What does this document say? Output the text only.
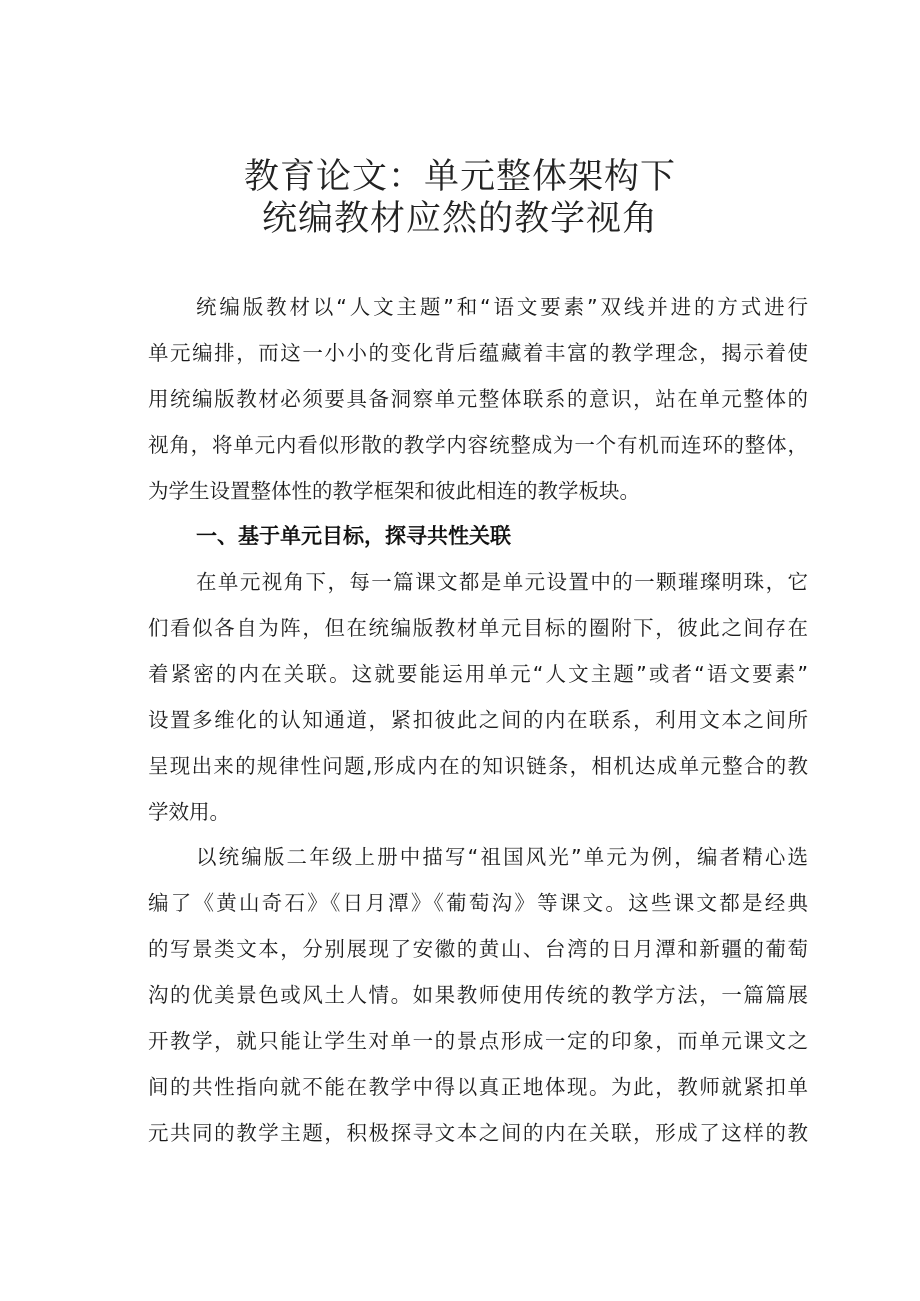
教育论文：单元整体架构下
统编教材应然的教学视角
统编版教材以“人文主题”和“语文要素”双线并进的方式进行
单元编排，而这一小小的变化背后蕴藏着丰富的教学理念，揭示着使
用统编版教材必须要具备洞察单元整体联系的意识，站在单元整体的
视角，将单元内看似形散的教学内容统整成为一个有机而连环的整体，
为学生设置整体性的教学框架和彼此相连的教学板块。
一、基于单元目标，探寻共性关联
在单元视角下，每一篇课文都是单元设置中的一颗璀璨明珠，它
们看似各自为阵，但在统编版教材单元目标的圈附下，彼此之间存在
着紧密的内在关联。这就要能运用单元“人文主题”或者“语文要素”
设置多维化的认知通道，紧扣彼此之间的内在联系，利用文本之间所
呈现出来的规律性问题,形成内在的知识链条，相机达成单元整合的教
学效用。
以统编版二年级上册中描写“祖国风光”单元为例，编者精心选
编了《黄山奇石》《日月潭》《葡萄沟》等课文。这些课文都是经典
的写景类文本，分别展现了安徽的黄山、台湾的日月潭和新疆的葡萄
沟的优美景色或风土人情。如果教师使用传统的教学方法，一篇篇展
开教学，就只能让学生对单一的景点形成一定的印象，而单元课文之
间的共性指向就不能在教学中得以真正地体现。为此，教师就紧扣单
元共同的教学主题，积极探寻文本之间的内在关联，形成了这样的教
